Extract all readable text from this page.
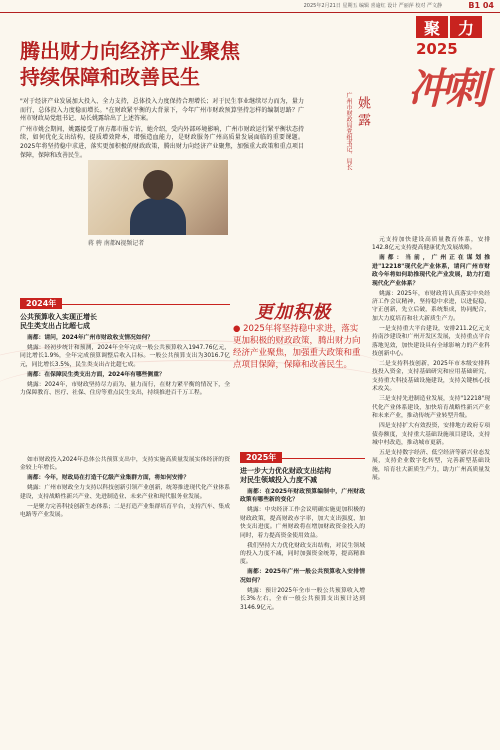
2025年2月21日 星期五 编辑 喜逾红 设计 严丽萍 校对 严文静	B1 04
腾出财力向经济产业聚焦
持续保障和改善民生
聚	力
2025
冲刺
姚 露
广州市财政局党组书记、局长

"对于经济产业发展加大投入、全力支持，总体投入力度保持合理增长；对于民生事业继续尽力而为，量力而行，总体投入力度稳而增长。"在财政紧平衡的大背景下，今年广州市财政预算坚持怎样的编制思路？广州市财政局党组书记、局长姚露给出了上述答案。

广州市姚会期间，姚露接受了南方都市报专访，她介绍，受内外部环境影响，广州市财政运行紧平衡状态持续，如何优化支出结构，提质增效降本，增强造血能力，是财政服务广州高质量发展面临的重要课题。2025年将坚持稳中求进，落实更加积极的财政政策，腾出财力向经济产业聚焦，加强重大政策和重点项目保障，保障和改善民生。

蒋 骋 南都N视频记者
2024年

公共预算收入实现正增长
民生类支出占比超七成

南都：请问，2024年广州市财政收支情况如何？

姚露：经初步统计和预测，2024年全年完成一般公共预算收入1947.76亿元，同比增长1.9%，全年完成预算调整后收入目标。一般公共预算支出为3016.7亿元，同比增长3.5%，民生类支出占比超七成。

南都：在保障民生类支出方面，2024年有哪些侧重？

姚露：2024年，市财政坚持尽力而为、量力而行，在财力紧平衡的情况下，全力保障教育、医疗、社保、住房等重点民生支出，持续推进百千万工程。

更加积极
● 2025年将坚持稳中求进，落实更加积极的财政政策，腾出财力向经济产业聚焦，加强重大政策和重点项目保障，保障和改善民生。

如市财政投入2024年总体公共预算支出中，支持实施高质量发展实体经济的资金较上年增长。

南都：今年，财政局在打造千亿级产业集群方面，将如何安排？

姚露：广州市财政全力支持以科技创新引领产业创新，统筹推进现代化产业体系建设，支持战略性新兴产业、先进制造业、未来产业和现代服务业发展。

一是聚力完善科技创新生态体系；二是打造产业集群培育平台，支持汽车、集成电路等产业发展。

2025年

进一步大力优化财政支出结构
对民生领域投入力度不减

南都：在2025年财政预算编制中，广州财政政策有哪些新的变化？

姚露：中央经济工作会议明确实施更加积极的财政政策，提高财政赤字率，加大支出强度、加快支出进度。广州财政将在增加财政资金投入的同时，着力提高资金使用效益。

我们坚持大力优化财政支出结构，对民生领域的投入力度不减，同时加强资金统筹，提高精准度。

南都：2025年广州一般公共预算收入安排情况如何？

姚露：预计2025年全市一般公共预算收入增长3%左右，全市一般公共预算支出预计达到3146.9亿元。

元支持加快建设高质量教育体系，安排142.8亿元支持提高健康优先发展战略。

南都：当前，广州正在谋划推进"12218"现代化产业体系，请问广州市财政今年将如何助推现代化产业发展，助力打造现代化产业体系？

姚露：2025年，市财政将认真落实中央经济工作会议精神，坚持稳中求进，以进促稳，守正创新，先立后破，系统集成，协同配合，加大力度培育和壮大新质生产力。

一是支持重大平台建设，安排211.2亿元支持南沙建设和广州开发区发展，支持重点平台落地见效，加快建设具有全球影响力的产业科技创新中心。

二是支持科技创新，2025年市本级安排科技投入资金，支持基础研究和应用基础研究，支持重大科技基础设施建设，支持关键核心技术攻关。

三是支持先进制造业发展，支持"12218"现代化产业体系建设，加快培育战略性新兴产业和未来产业，推动传统产业转型升级。

四是支持扩大有效投资，安排地方政府专项债券额度，支持重大基础设施项目建设，支持城中村改造，推动城市更新。

五是支持数字经济、低空经济等新兴业态发展，支持企业数字化转型，完善新型基础设施，培育壮大新质生产力，助力广州高质量发展。
